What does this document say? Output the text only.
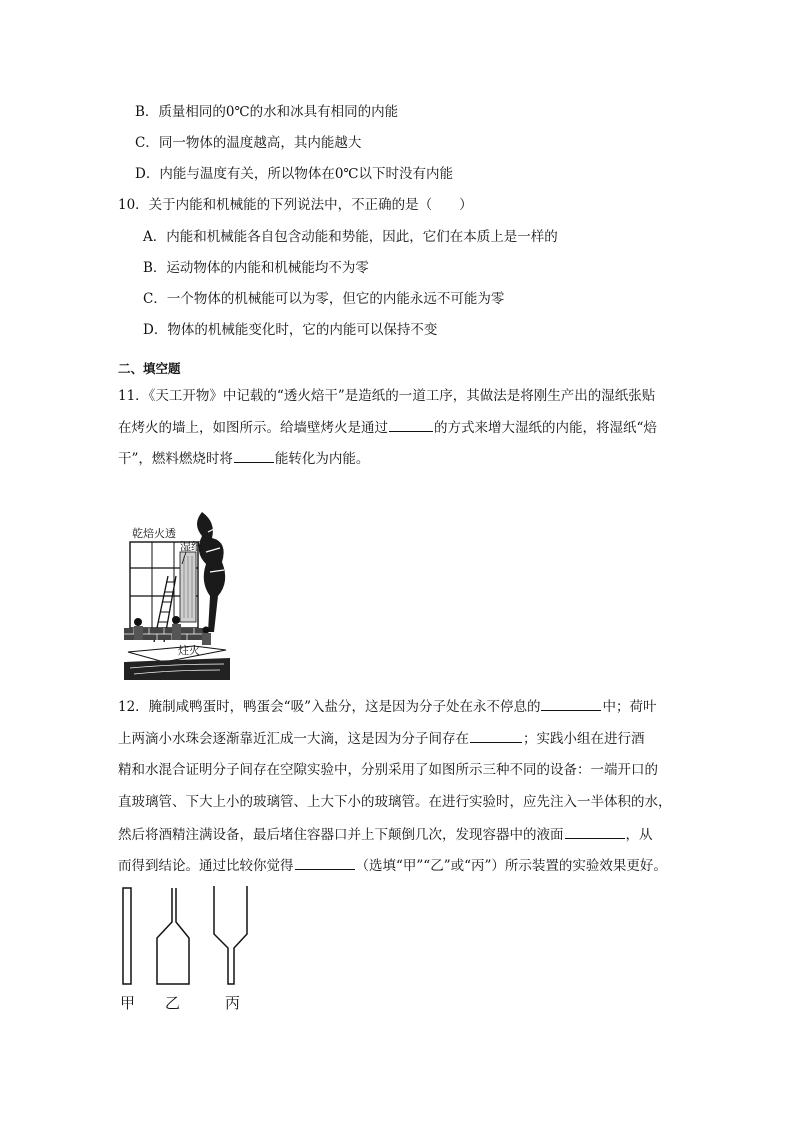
B．质量相同的0℃的水和冰具有相同的内能
C．同一物体的温度越高，其内能越大
D．内能与温度有关，所以物体在0℃以下时没有内能
10．关于内能和机械能的下列说法中，不正确的是（　　）
A．内能和机械能各自包含动能和势能，因此，它们在本质上是一样的
B．运动物体的内能和机械能均不为零
C．一个物体的机械能可以为零，但它的内能永远不可能为零
D．物体的机械能变化时，它的内能可以保持不变
二、填空题
11．《天工开物》中记载的“透火焙干”是造纸的一道工序，其做法是将刚生产出的湿纸张贴
在烤火的墙上，如图所示。给墙壁烤火是通过	的方式来增大湿纸的内能，将湿纸“焙
干”，燃料燃烧时将	能转化为内能。
乾焙火透
湿纸
炷火
12．腌制咸鸭蛋时，鸭蛋会“吸”入盐分，这是因为分子处在永不停息的	中；荷叶
上两滴小水珠会逐渐靠近汇成一大滴，这是因为分子间存在	；实践小组在进行酒
精和水混合证明分子间存在空隙实验中，分别采用了如图所示三种不同的设备：一端开口的
直玻璃管、下大上小的玻璃管、上大下小的玻璃管。在进行实验时，应先注入一半体积的水，
然后将酒精注满设备，最后堵住容器口并上下颠倒几次，发现容器中的液面	，从
而得到结论。通过比较你觉得	（选填“甲”“乙”或“丙”）所示装置的实验效果更好。
甲 乙	丙
